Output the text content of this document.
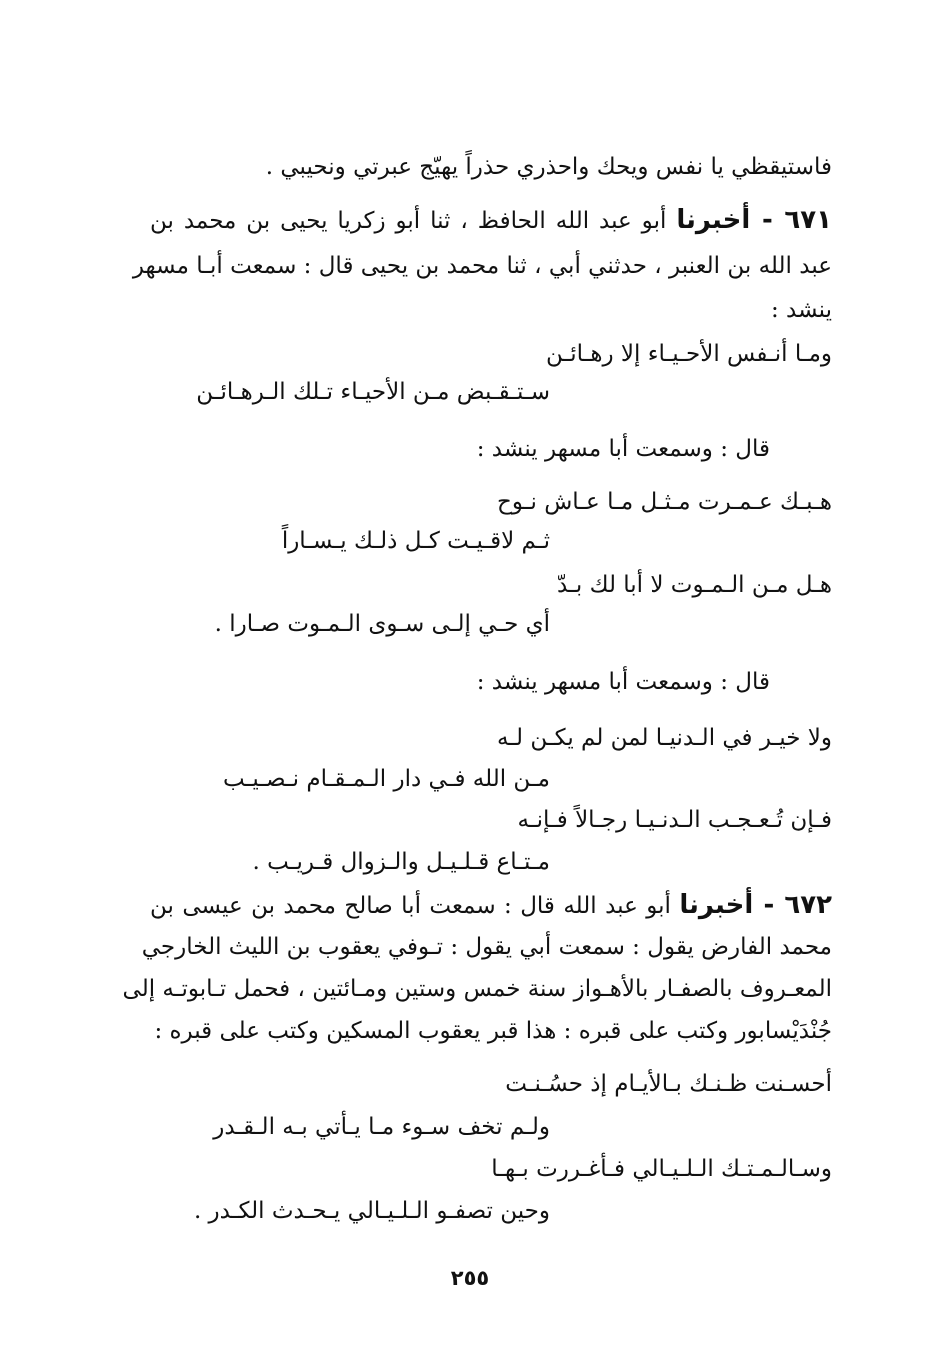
فاستيقظي يا نفس ويحك واحذري حذراً يهيّج عبرتي ونحيبي .
٦٧١ - أخبرنا أبو عبد الله الحافظ ، ثنا أبو زكريا يحيى بن محمد بن
عبد الله بن العنبر ، حدثني أبي ، ثنا محمد بن يحيى قال : سمعت أبـا مسهر
ينشد :
ومـا أنـفس الأحـيـاء إلا رهـائـن
سـتـقـبض مـن الأحيـاء تـلك الـرهـائـن
قال : وسمعت أبا مسهر ينشد :
هـبـك عـمـرت مـثـل مـا عـاش نـوح
ثـم لاقـيـت كـل ذلـك يـسـاراً
هـل مـن الـمـوت لا أبا لك بـدّ
أي حـي إلـى سـوى الـمـوت صـارا .
قال : وسمعت أبا مسهر ينشد :
ولا خيـر في الـدنيـا لمن لم يكـن لـه
مـن الله فـي دار الـمـقـام نـصـيـب
فـإن تُـعـجـب الـدنـيـا رجـالاً فـإنـه
مـتـاع قـلـيـل والـزوال قـريـب .
٦٧٢ - أخبرنا أبو عبد الله قال : سمعت أبا صالح محمد بن عيسى بن
محمد الفارض يقول : سمعت أبي يقول : تـوفي يعقوب بن الليث الخارجي
المعـروف بالصفـار بالأهـواز سنة خمس وستين ومـائتين ، فحمل تـابوتـه إلى
جُنْدَيْسابور وكتب على قبره : هذا قبر يعقوب المسكين وكتب على قبره :
أحسـنت ظـنـك بـالأيـام إذ حسُـنـت
ولـم تخف سـوء مـا يـأتي بـه الـقـدر
وسـالـمـتـك الـلـيـالي فـأغـررت بـهـا
وحين تصفـو الـلـيـالي يـحـدث الكـدر .
٢٥٥
